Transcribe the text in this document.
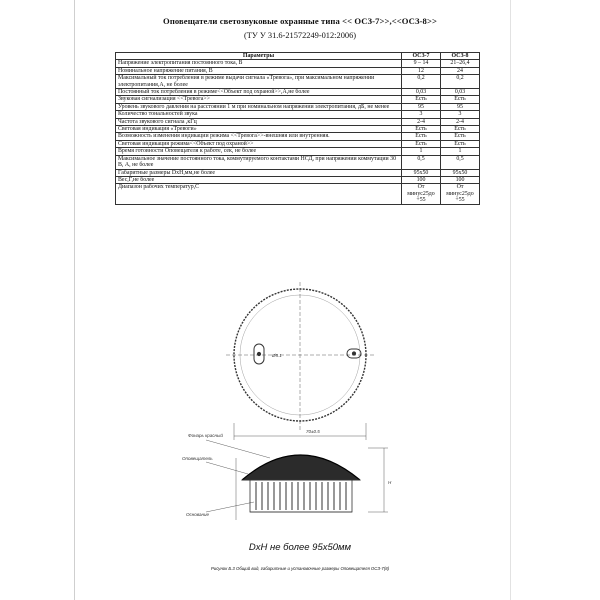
Оповещатели светозвуковые охранные типа << ОСЗ-7>>,<<ОСЗ-8>>
(ТУ У 31.6-21572249-012:2006)
Параметры	ОСЗ-7	ОСЗ-8
Напряжение электропитания постоянного тока, В	9 – 14	21–26,4
Номинальное напряжение питания, В	12	24
Максимальный ток потребления в режиме выдачи сигнала «Тревога», при максимальном напряжении электропитания,А, не более	0,2	0,2
Постоянный ток потребления в режиме<<Объект под охраной>>,А,не более	0,03	0,03
Звуковая сигнализация <<Тревога>>	Есть	Есть
Уровень звукового давления на расстоянии 1 м при номинальном напряжении электропитания, дБ, не менее	95	95
Количество тональностей звука	3	3
Частота звукового сигнала ,кГц	2-4	2-4
Световая индикация «Тревоги»	Есть	Есть
Возможность изменения индикации режима <<Тревога>>-внешняя или внутренняя.	Есть	Есть
Световая индикация режима<<Объект под охраной>>	Есть	Есть
Время готовности Оповещателя к работе, сек, не более	1	1
Максимальное значение постоянного тока, коммутируемого контактами НСД, при напряжении коммутации 30 В, А, не более	0,5	0,5
Габаритные размеры DxH,мм,не более	95x50	95x50
Вес,Г,не более	100	100
Диапазон рабочих температур,С	От минус25до +55	От минус25до +55
Ø5.1
70±0.5
Фонарь красный
Оповещатель
Основание
H
DxH не более 95x50мм
Рисунок Б.3 Общий вид, габаритные и установочные размеры Оповещателя ОСЗ-7(8)
